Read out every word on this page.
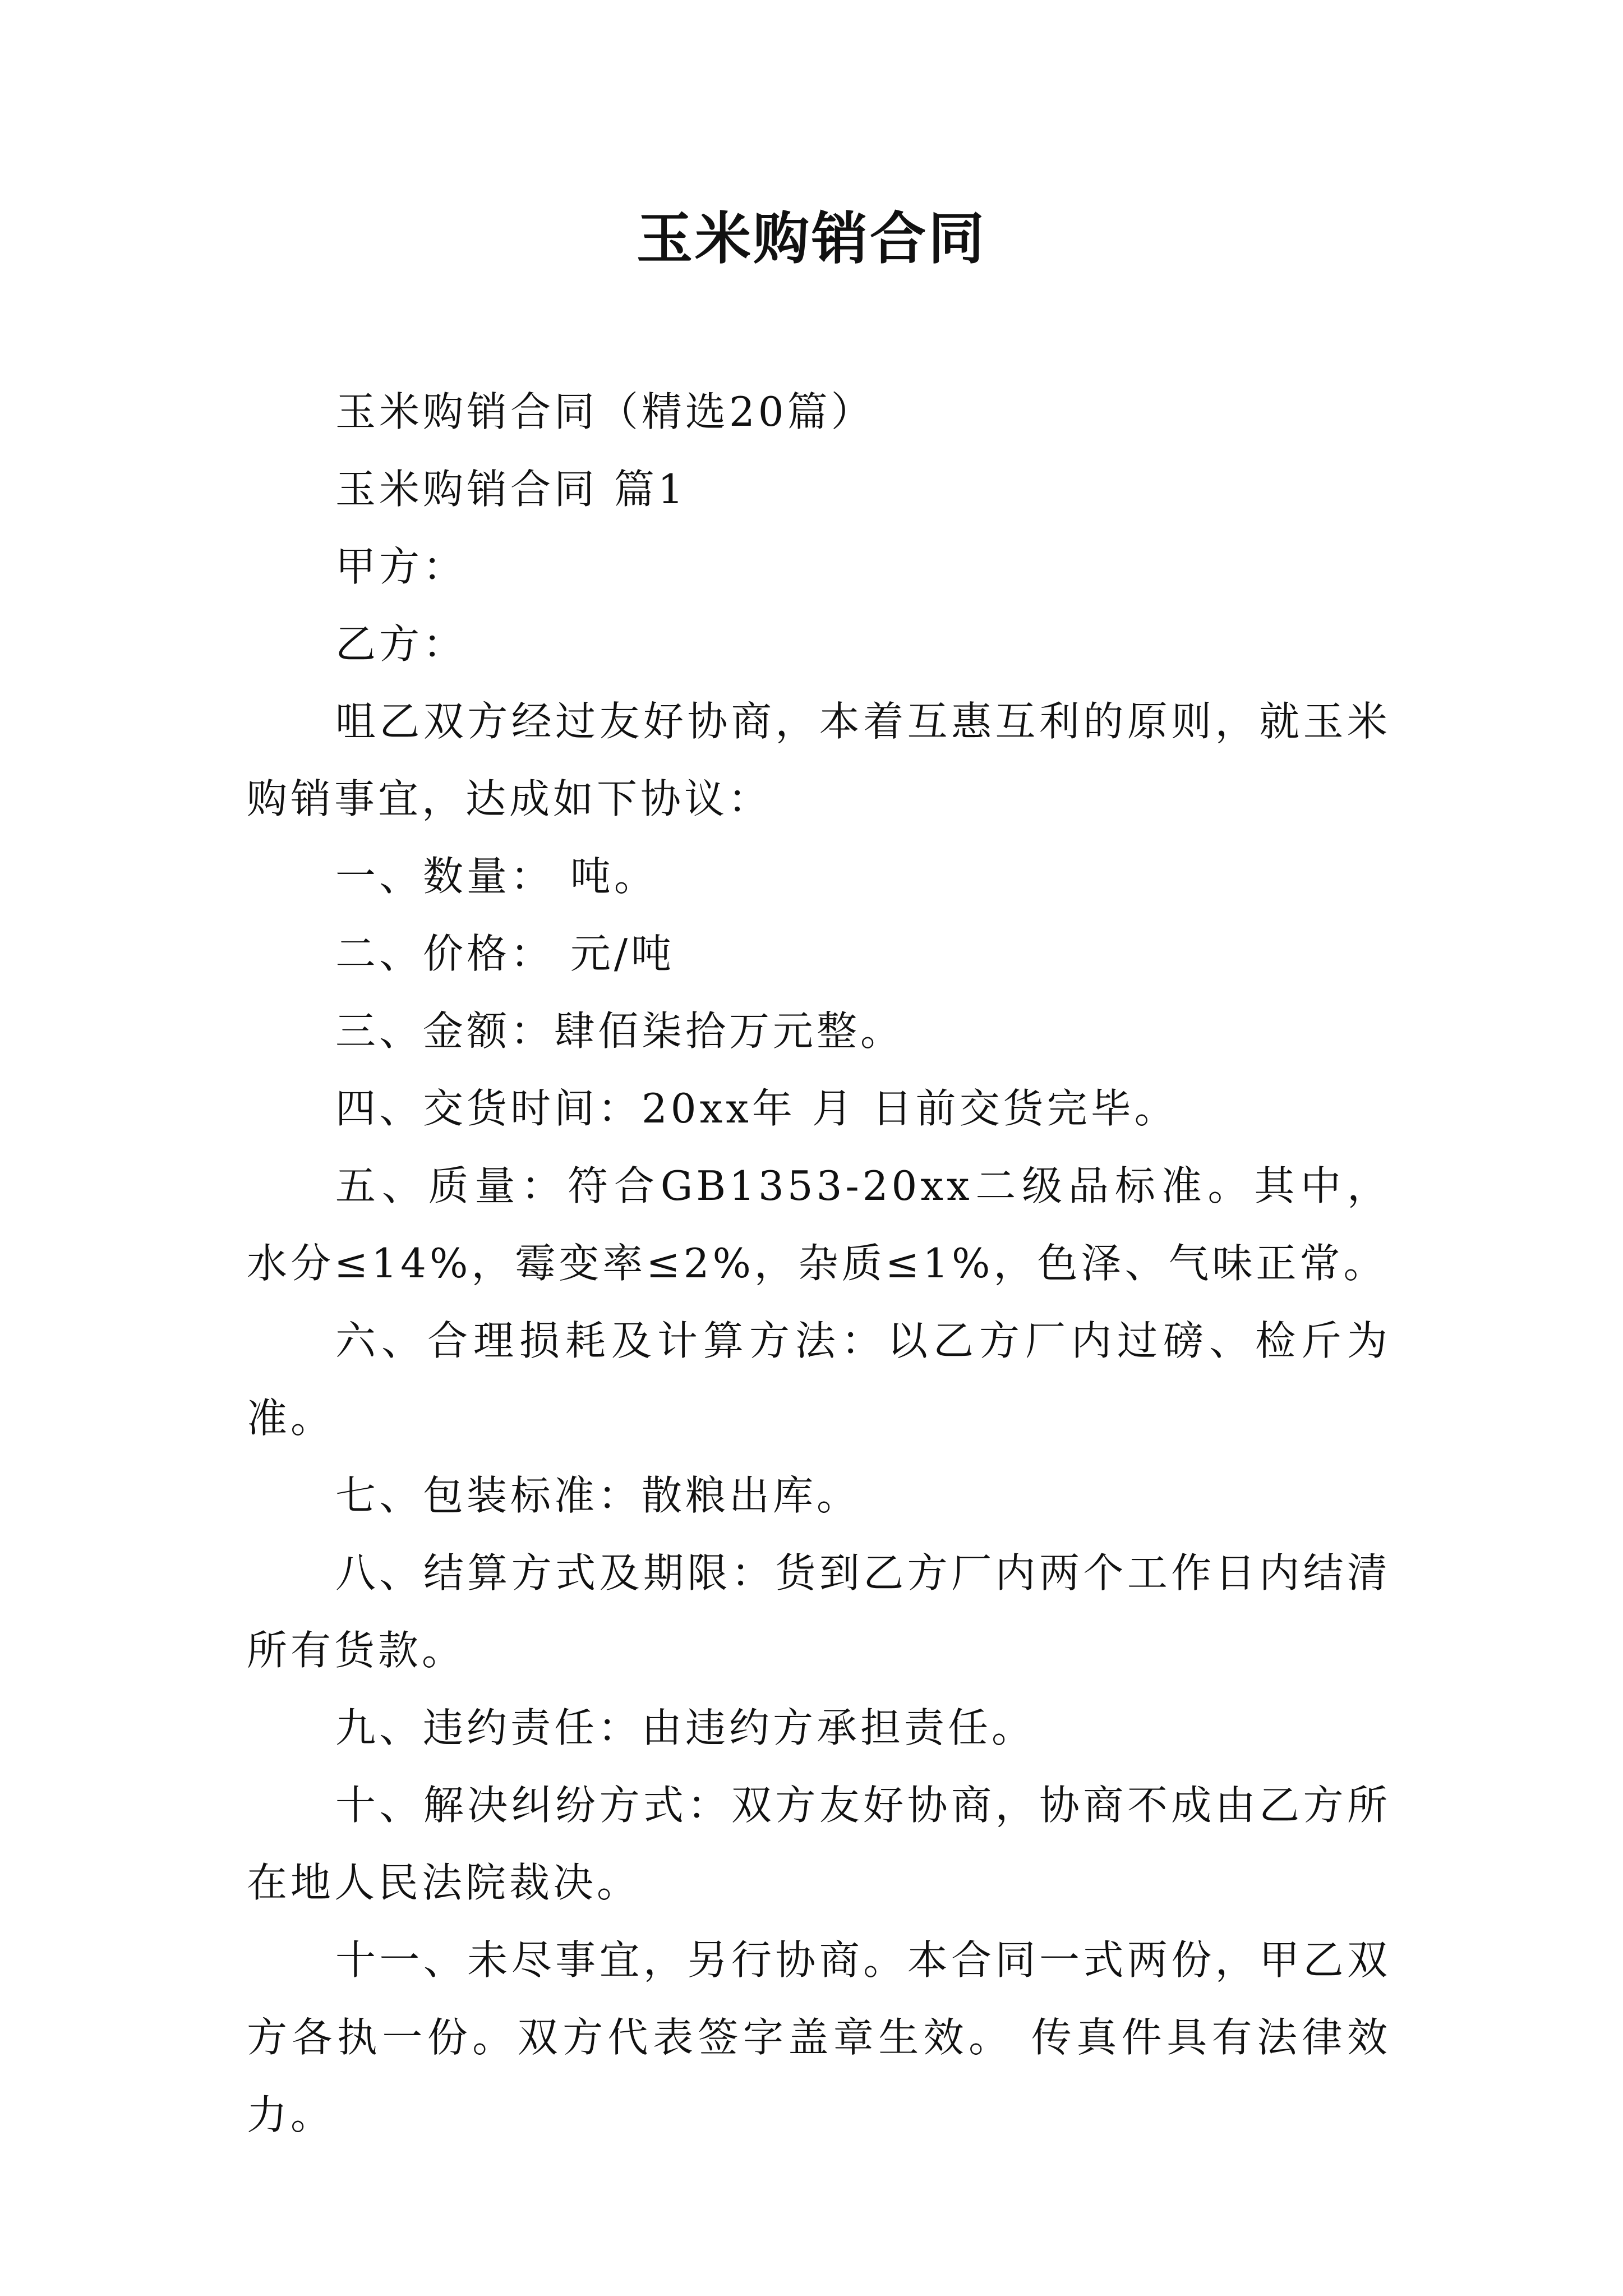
玉米购销合同

玉米购销合同（精选20篇）

玉米购销合同 篇1

甲方：

乙方：

咀乙双方经过友好协商，本着互惠互利的原则，就玉米购销事宜，达成如下协议：

一、数量： 吨。

二、价格： 元/吨

三、金额：肆佰柒拾万元整。

四、交货时间：20xx年 月 日前交货完毕。

五、质量：符合GB1353-20xx二级品标准。其中，水分≤14%，霉变率≤2%，杂质≤1%，色泽、气味正常。

六、合理损耗及计算方法：以乙方厂内过磅、检斤为准。

七、包装标准：散粮出库。

八、结算方式及期限：货到乙方厂内两个工作日内结清所有货款。

九、违约责任：由违约方承担责任。

十、解决纠纷方式：双方友好协商，协商不成由乙方所在地人民法院裁决。

十一、未尽事宜，另行协商。本合同一式两份，甲乙双方各执一份。双方代表签字盖章生效。 传真件具有法律效力。
